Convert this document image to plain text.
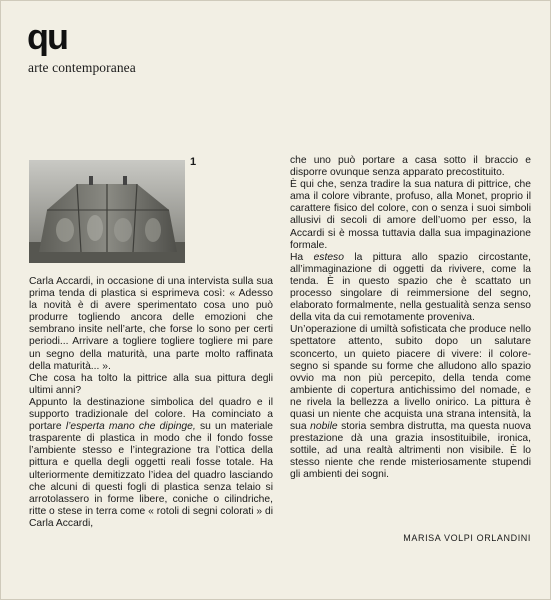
qu
arte contemporanea
1

Carla Accardi, in occasione di una intervista sulla sua prima tenda di plastica si esprimeva così: « Adesso la novità è di avere sperimentato cosa uno può produrre togliendo ancora delle emozioni che sembrano insite nell’arte, che forse lo sono per certi periodi... Arrivare a togliere togliere togliere mi pare un segno della maturità, una parte molto raffinata della maturità... ».

Che cosa ha tolto la pittrice alla sua pittura degli ultimi anni?

Appunto la destinazione simbolica del quadro e il supporto tradizionale del colore. Ha cominciato a portare l’esperta mano che dipinge, su un materiale trasparente di plastica in modo che il fondo fosse l’ambiente stesso e l’integrazione tra l’ottica della pittura e quella degli oggetti reali fosse totale. Ha ulteriormente demitizzato l’idea del quadro lasciando che alcuni di questi fogli di plastica senza telaio si arrotolassero in forme libere, coniche o cilindriche, ritte o stese in terra come « rotoli di segni colorati » di Carla Accardi,

che uno può portare a casa sotto il braccio e disporre ovunque senza apparato precostituito.

È qui che, senza tradire la sua natura di pittrice, che ama il colore vibrante, profuso, alla Monet, proprio il carattere fisico del colore, con o senza i suoi simboli allusivi di secoli di amore dell’uomo per esso, la Accardi si è mossa tuttavia dalla sua impaginazione formale.

Ha esteso la pittura allo spazio circostante, all’immaginazione di oggetti da rivivere, come la tenda. È in questo spazio che è scattato un processo singolare di reimmersione del segno, elaborato formalmente, nella gestualità senza senso della vita da cui remotamente proveniva.

Un’operazione di umiltà sofisticata che produce nello spettatore attento, subito dopo un salutare sconcerto, un quieto piacere di vivere: il colore-segno si spande su forme che alludono allo spazio ovvio ma non più percepito, della tenda come ambiente di copertura antichissimo del nomade, e ne rivela la bellezza a livello onirico. La pittura è quasi un niente che acquista una strana intensità, la sua nobile storia sembra distrutta, ma questa nuova prestazione dà una grazia insostituibile, ironica, sottile, ad una realtà altrimenti non visibile. È lo stesso niente che rende misteriosamente stupendi gli ambienti dei sogni.

MARISA VOLPI ORLANDINI
